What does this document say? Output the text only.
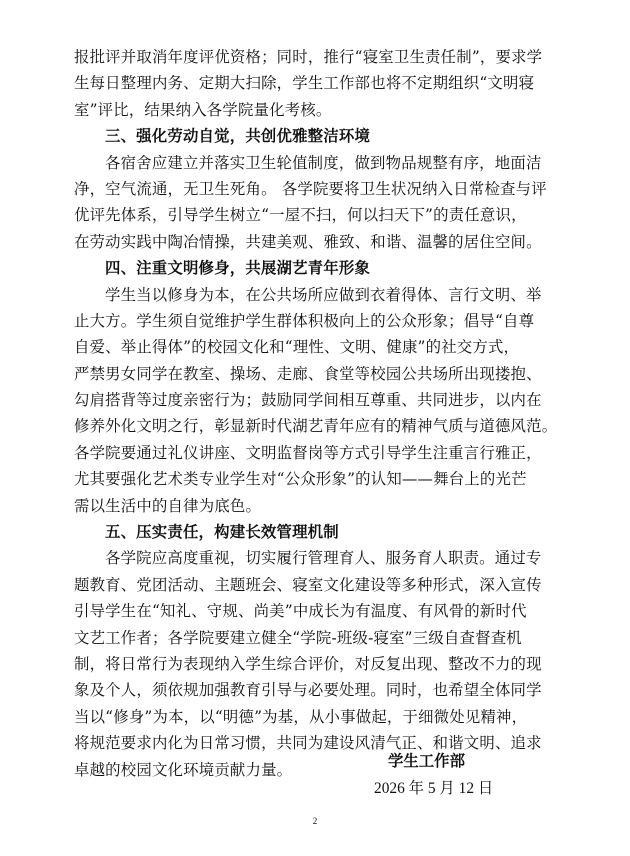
报批评并取消年度评优资格；同时，推行“寝室卫生责任制”，要求学
生每日整理内务、定期大扫除，学生工作部也将不定期组织“文明寝
室”评比，结果纳入各学院量化考核。
三、强化劳动自觉，共创优雅整洁环境
各宿舍应建立并落实卫生轮值制度，做到物品规整有序，地面洁
净，空气流通，无卫生死角。 各学院要将卫生状况纳入日常检查与评
优评先体系，引导学生树立“一屋不扫，何以扫天下”的责任意识，
在劳动实践中陶冶情操，共建美观、雅致、和谐、温馨的居住空间。
四、注重文明修身，共展湖艺青年形象
学生当以修身为本，在公共场所应做到衣着得体、言行文明、举
止大方。学生须自觉维护学生群体积极向上的公众形象；倡导“自尊
自爱、举止得体”的校园文化和“理性、文明、健康”的社交方式，
严禁男女同学在教室、操场、走廊、食堂等校园公共场所出现搂抱、
勾肩搭背等过度亲密行为；鼓励同学间相互尊重、共同进步，以内在
修养外化文明之行，彰显新时代湖艺青年应有的精神气质与道德风范。
各学院要通过礼仪讲座、文明监督岗等方式引导学生注重言行雅正，
尤其要强化艺术类专业学生对“公众形象”的认知——舞台上的光芒
需以生活中的自律为底色。
五、压实责任，构建长效管理机制
各学院应高度重视，切实履行管理育人、服务育人职责。通过专
题教育、党团活动、主题班会、寝室文化建设等多种形式，深入宣传
引导学生在“知礼、守规、尚美”中成长为有温度、有风骨的新时代
文艺工作者；各学院要建立健全“学院-班级-寝室”三级自查督查机
制，将日常行为表现纳入学生综合评价，对反复出现、整改不力的现
象及个人，须依规加强教育引导与必要处理。同时，也希望全体同学
当以“修身”为本，以“明德”为基，从小事做起，于细微处见精神，
将规范要求内化为日常习惯，共同为建设风清气正、和谐文明、追求
卓越的校园文化环境贡献力量。	学生工作部
2026 年 5 月 12 日
2
